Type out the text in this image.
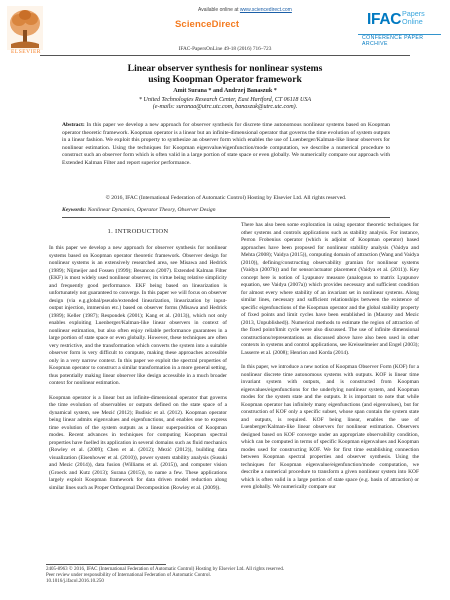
ELSEVIER
Available online at www.sciencedirect.com
ScienceDirect	IFAC Papers
Online
CONFERENCE PAPER ARCHIVE
IFAC-PapersOnLine 49-18 (2016) 716–723
Linear observer synthesis for nonlinear systems
using Koopman Operator framework
Amit Surana * and Andrzej Banaszuk *
* United Technologies Research Center, East Hartford, CT 06118 USA
(e-mails: suranaa@utrc.utc.com, banaszuk@utrc.utc.com).
Abstract: In this paper we develop a new approach for observer synthesis for discrete time autonomous nonlinear systems based on Koopman operator theoretic framework. Koopman operator is a linear but an infinite-dimensional operator that governs the time evolution of system outputs in a linear fashion. We exploit this property to synthesize an observer form which enables the use of Luenberger/Kalman-like linear observers for nonlinear estimation. Using the techniques for Koopman eigenvalue/eigenfunction/mode computation, we describe a numerical procedure to construct such an observer form which is often valid in a large portion of state space or even globally. We numerically compare our approach with Extended Kalman Filter and report superior performance.
© 2016, IFAC (International Federation of Automatic Control) Hosting by Elsevier Ltd. All rights reserved.
Keywords: Nonlinear Dynamics, Operator Theory, Observer Design
1. INTRODUCTION

In this paper we develop a new approach for observer synthesis for nonlinear systems based on Koopman operator theoretic framework. Observer design for nonlinear systems is an extensively researched area, see Misawa and Hedrick (1989); Nijmeijer and Fossen (1999); Besancon (2007). Extended Kalman Filter (EKF) is most widely used nonlinear observer, its virtue being relative simplicity and frequently good performance. EKF being based on linearization is unfortunately not guaranteed to converge. In this paper we will focus on observer design (via e.g.global/pseudo/extended linearization, linearization by input-output injection, immersion etc.) based on observer forms (Misawa and Hedrick (1989); Keller (1987); Respondek (2001); Kang et al. (2013)), which not only enables exploiting Luenberger/Kalman-like linear observers in context of nonlinear estimation, but also often enjoy reliable performance guarantees in a large portion of state space or even globally. However, these techniques are often very restrictive, and the transformation which converts the system into a suitable observer form is very difficult to compute, making these approaches accessible only in a very narrow context. In this paper we exploit the spectral properties of Koopman operator to construct a similar transformation in a more general setting, thus potentially making linear observer like design accessible in a much broader context for nonlinear estimation.

Koopman operator is a linear but an infinite-dimensional operator that governs the time evolution of observables or outputs defined on the state space of a dynamical system, see Mezić (2012); Budisic et al. (2012). Koopman operator being linear admits eigenvalues and eigenfunctions, and enables one to express time evolution of the system outputs as a linear superposition of Koopman modes. Recent advances in techniques for computing Koopman spectral properties have fuelled its application in several domains such as fluid mechanics (Rowley et al. (2009); Chen et al. (2012); Mezić (2012)), building data visualization (Eisenhower et al. (2010)), power system stability analysis (Susuki and Mezic (2014)), data fusion (Williams et al. (2015)), and computer vision (Groeck and Kutz (2013); Surana (2015)), to name a few. These applications largely exploit Koopman framework for data driven model reduction along similar lines such as Proper Orthogonal Decomposition (Rowley et al. (2009)).

There has also been some exploration in using operator theoretic techniques for other systems and controls applications such as stability analysis. For instance, Perron Frobenius operator (which is adjoint of Koopman operator) based approaches have been proposed for nonlinear stability analysis (Vaidya and Mehta (2008); Vaidya (2015)), computing domain of attraction (Wang and Vaidya (2010)), defining/constructing observability gramian for nonlinear systems (Vaidya (2007b)) and for sensor/actuator placement (Vaidya et al. (2011)). Key concept here is notion of Lyapunov measure (analogous to matrix Lyapunov equation, see Vaidya (2007a)) which provides necessary and sufficient condition for almost every where stability of an invariant set in nonlinear systems. Along similar lines, necessary and sufficient relationships between the existence of specific eigenfunctions of the Koopman operator and the global stability property of fixed points and limit cycles have been established in (Mauroy and Mezic (2013, Unpublished)). Numerical methods to estimate the region of attraction of the fixed point/limit cycle were also discussed. The use of infinite dimensional constructions/representations as discussed above have also been used in other contexts in systems and control applications, see Kreisselmeier and Engel (2003); Lasserre et al. (2008); Henrion and Korda (2014).

In this paper, we introduce a new notion of Koopman Observer Form (KOF) for a nonlinear discrete time autonomous systems with outputs. KOF is linear time invariant system with outputs, and is constructed from Koopman eigenvalues/eigenfunctions for the underlying nonlinear system, and Koopman modes for the system state and the outputs. It is important to note that while Koopman operator has infinitely many eigenfunctions (and eigenvalues), but for construction of KOF only a specific subset, whose span contain the system state and outputs, is required. KOF being linear, enables the use of Luenberger/Kalman-like linear observers for nonlinear estimation. Observers designed based on KOF converge under an appropriate observability condition, which can be computed in terms of specific Koopman eigenvalues and Koopman modes used for constructing KOF. We for first time establishing connection between Koopman spectral properties and observer synthesis. Using the techniques for Koopman eigenvalue/eigenfunction/mode computation, we describe a numerical procedure to transform a given nonlinear system into KOF which is often valid in a large portion of state space (e.g. basin of attraction) or even globally. We numerically compare our

2405-8963 © 2016, IFAC (International Federation of Automatic Control) Hosting by Elsevier Ltd. All rights reserved.
Peer review under responsibility of International Federation of Automatic Control.
10.1016/j.ifacol.2016.10.250
